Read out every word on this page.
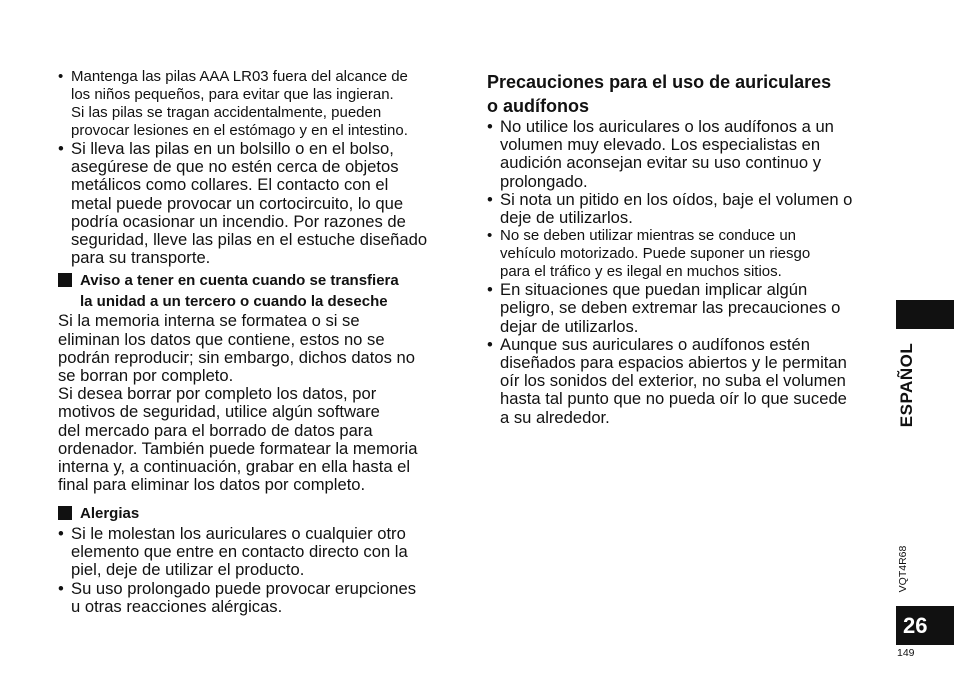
• Mantenga las pilas AAA LR03 fuera del alcance de
los niños pequeños, para evitar que las ingieran.
Si las pilas se tragan accidentalmente, pueden
provocar lesiones en el estómago y en el intestino.
• Si lleva las pilas en un bolsillo o en el bolso,
asegúrese de que no estén cerca de objetos
metálicos como collares. El contacto con el
metal puede provocar un cortocircuito, lo que
podría ocasionar un incendio. Por razones de
seguridad, lleve las pilas en el estuche diseñado
para su transporte.
Aviso a tener en cuenta cuando se transfiera
la unidad a un tercero o cuando la deseche

Si la memoria interna se formatea o si se
eliminan los datos que contiene, estos no se
podrán reproducir; sin embargo, dichos datos no
se borran por completo.

Si desea borrar por completo los datos, por
motivos de seguridad, utilice algún software
del mercado para el borrado de datos para
ordenador. También puede formatear la memoria
interna y, a continuación, grabar en ella hasta el
final para eliminar los datos por completo.

Alergias
• Si le molestan los auriculares o cualquier otro
elemento que entre en contacto directo con la
piel, deje de utilizar el producto.
• Su uso prolongado puede provocar erupciones
u otras reacciones alérgicas.
Precauciones para el uso de auriculares
o audífonos
• No utilice los auriculares o los audífonos a un
volumen muy elevado. Los especialistas en
audición aconsejan evitar su uso continuo y
prolongado.
• Si nota un pitido en los oídos, baje el volumen o
deje de utilizarlos.
• No se deben utilizar mientras se conduce un
vehículo motorizado. Puede suponer un riesgo
para el tráfico y es ilegal en muchos sitios.
• En situaciones que puedan implicar algún
peligro, se deben extremar las precauciones o
dejar de utilizarlos.
• Aunque sus auriculares o audífonos estén
diseñados para espacios abiertos y le permitan
oír los sonidos del exterior, no suba el volumen
hasta tal punto que no pueda oír lo que sucede
a su alrededor.	ESPAÑOL
VQT4R68
26
149
